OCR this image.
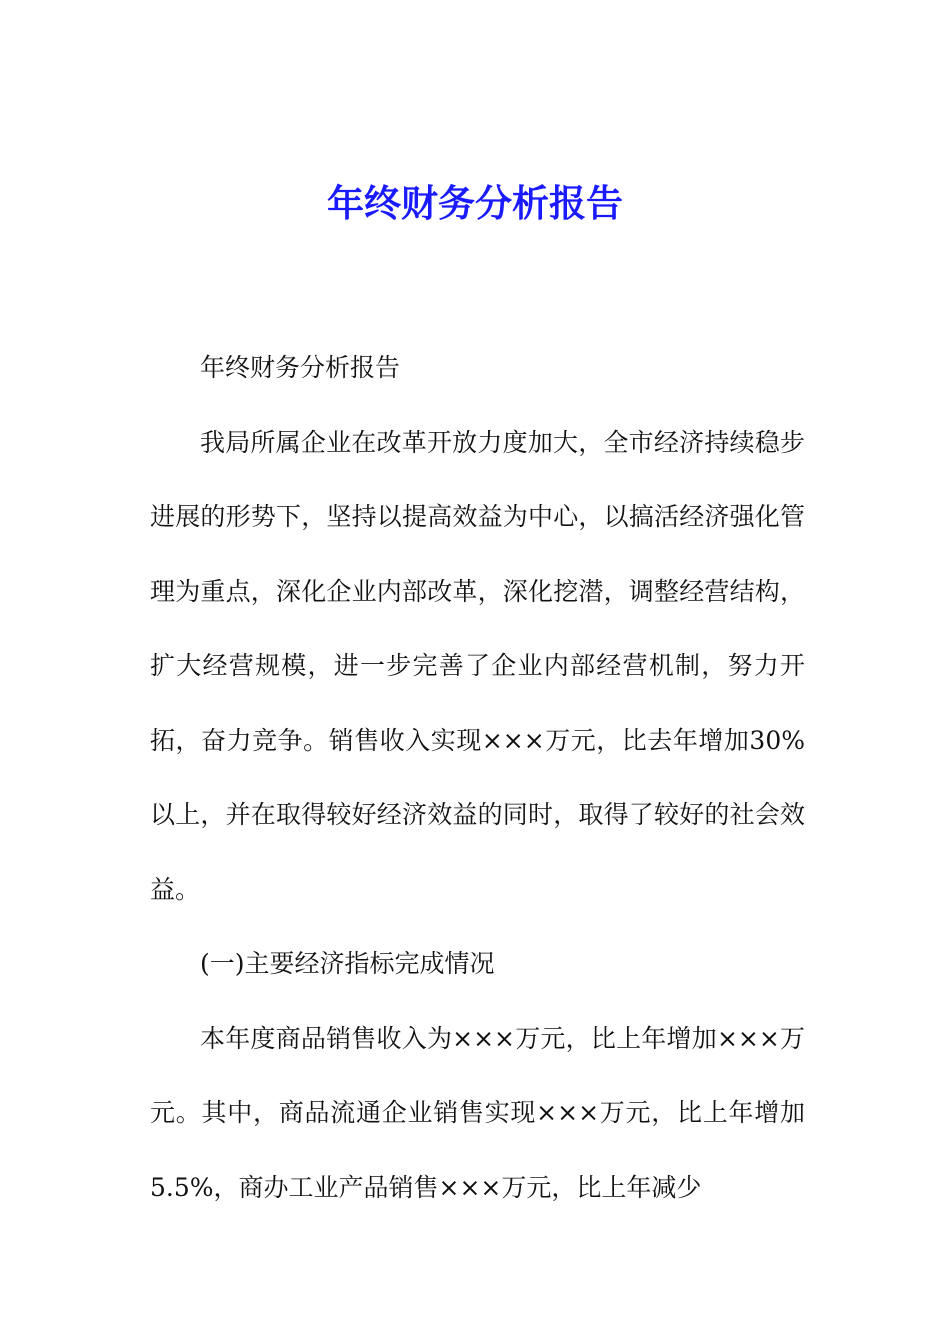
年终财务分析报告

年终财务分析报告

我局所属企业在改革开放力度加大，全市经济持续稳步进展的形势下，坚持以提高效益为中心，以搞活经济强化管理为重点，深化企业内部改革，深化挖潜，调整经营结构，扩大经营规模，进一步完善了企业内部经营机制，努力开拓，奋力竞争。销售收入实现×××万元，比去年增加30%以上，并在取得较好经济效益的同时，取得了较好的社会效益。

(一)主要经济指标完成情况

本年度商品销售收入为×××万元，比上年增加×××万元。其中，商品流通企业销售实现×××万元，比上年增加5.5%，商办工业产品销售×××万元，比上年减少
